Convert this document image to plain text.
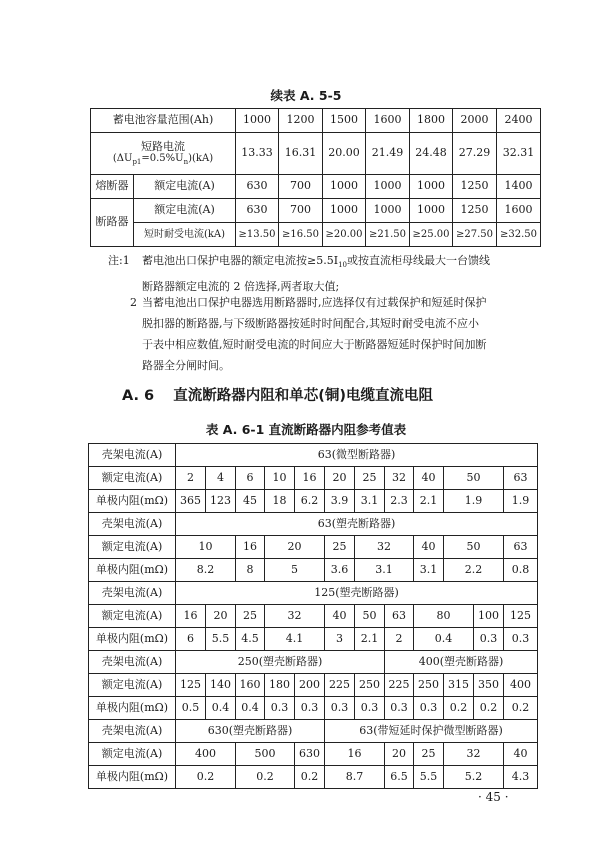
续表 A. 5-5
蓄电池容量范围(Ah)		1000	1200	1500	1600	1800	2000	2400

短路电流
$(\Delta U_{p1}=0.5\%U_n)(kA)$		13.33	16.31	20.00	21.49	24.48	27.29	32.31
熔断器	额定电流(A)	630	700	1000	1000	1000	1250	1400
断路器	额定电流(A)	630	700	1000	1000	1000	1250	1600
	短时耐受电流(kA)	≥13.50	≥16.50	≥20.00	≥21.50	≥25.00	≥27.50	≥32.50
注:1 蓄电池出口保护电器的额定电流按$\ge 5.5I_{10}$或按直流柜母线最大一台馈线
断路器额定电流的 2 倍选择,两者取大值;
2 当蓄电池出口保护电器选用断路器时,应选择仅有过载保护和短延时保护
脱扣器的断路器,与下级断路器按延时时间配合,其短时耐受电流不应小
于表中相应数值,短时耐受电流的时间应大于断路器短延时保护时间加断
路器全分闸时间。
A. 6 直流断路器内阻和单芯(铜)电缆直流电阻
表 A. 6-1 直流断路器内阻参考值表
壳架电流(A)	63(微型断路器)											
额定电流(A)	2	4	6	10	16	20	25	32	40	50		63
单极内阻(mΩ)	365	123	45	18	6.2	3.9	3.1	2.3	2.1	1.9		1.9
壳架电流(A)	63(塑壳断路器)											
额定电流(A)	10		16	20		25	32		40	50		63
单极内阻(mΩ)	8.2		8	5		3.6	3.1		3.1	2.2		0.8
壳架电流(A)	125(塑壳断路器)											
额定电流(A)	16	20	25	32		40	50	63	80		100	125
单极内阻(mΩ)	6	5.5	4.5	4.1		3	2.1	2	0.4		0.3	0.3
壳架电流(A)	250(塑壳断路器)							400(塑壳断路器)				
额定电流(A)	125	140	160	180	200	225	250	225	250	315	350	400
单极内阻(mΩ)	0.5	0.4	0.4	0.3	0.3	0.3	0.3	0.3	0.3	0.2	0.2	0.2
壳架电流(A)	630(塑壳断路器)					63(带短延时保护微型断路器)						
额定电流(A)	400		500		630	16		20	25	32		40
单极内阻(mΩ)	0.2		0.2		0.2	8.7		6.5	5.5	5.2		4.3
· 45 ·
